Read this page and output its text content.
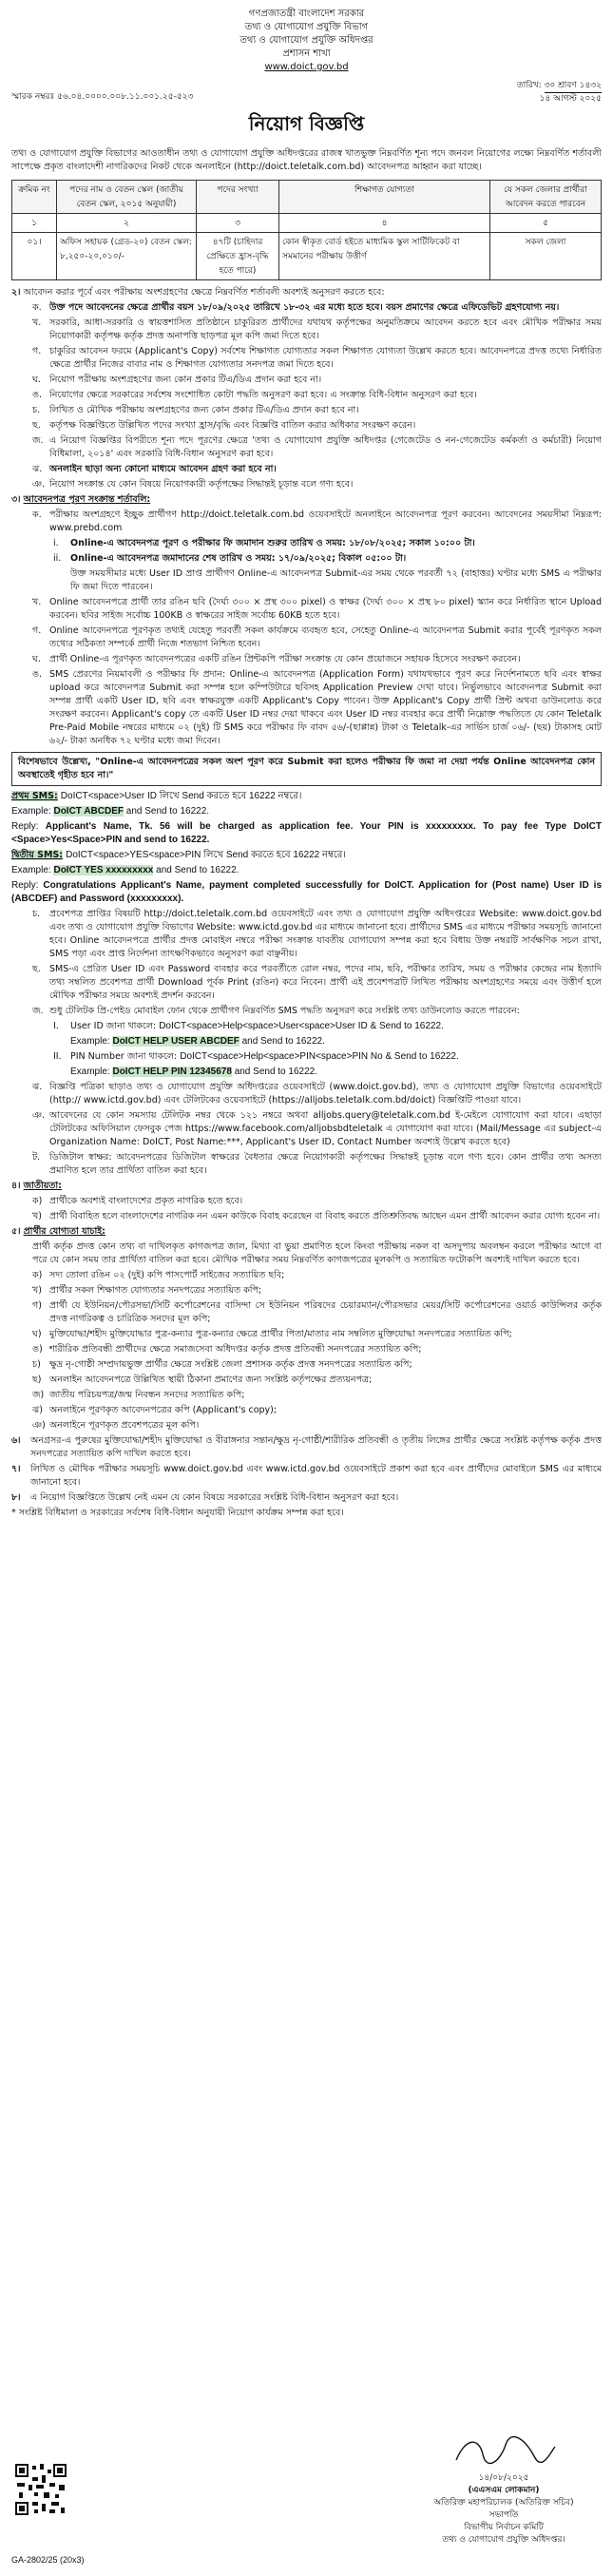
গণপ্রজাতন্ত্রী বাংলাদেশ সরকার
তথ্য ও যোগাযোগ প্রযুক্তি বিভাগ
তথ্য ও যোগাযোগ প্রযুক্তি অধিদপ্তর
প্রশাসন শাখা
www.doict.gov.bd
স্মারক নম্বরঃ ৫৬.০৪.০০০০.০০৮.১১.০০১.২৫-৫২৩
তারিখ: ৩০ শ্রাবণ ১৪৩২
১৪ আগস্ট ২০২৫
নিয়োগ বিজ্ঞপ্তি
তথ্য ও যোগাযোগ প্রযুক্তি বিভাগের আওতাধীন তথ্য ও যোগাযোগ প্রযুক্তি অধিদপ্তরের রাজস্ব খাতভুক্ত নিম্নবর্ণিত শূন্য পদে জনবল নিয়োগের লক্ষ্যে নিম্নবর্ণিত শর্তাবলী সাপেক্ষে প্রকৃত বাংলাদেশী নাগরিকদের নিকট থেকে অনলাইনে (http://doict.teletalk.com.bd) আবেদনপত্র আহ্বান করা যাচ্ছে।
ক্রমিক নং	পদের নাম ও বেতন স্কেল (জাতীয় বেতন স্কেল, ২০১৫ অনুযায়ী)	পদের সংখ্যা	শিক্ষাগত যোগ্যতা	যে সকল জেলার প্রার্থীরা আবেদন করতে পারবেন
১	২	৩	৪	৫
০১।	অফিস সহায়ক (গ্রেড-২০) বেতন স্কেল: ৮,২৫০-২০,০১০/-	৪৭টি (চাহিদার প্রেক্ষিতে হ্রাস-বৃদ্ধি হতে পারে)	কোন স্বীকৃত বোর্ড হইতে মাধ্যমিক স্কুল সার্টিফিকেট বা সমমানের পরীক্ষায় উত্তীর্ণ	সকল জেলা

২। আবেদন করার পূর্বে এবং পরীক্ষায় অংশগ্রহণের ক্ষেত্রে নিম্নবর্ণিত শর্তাবলী অবশ্যই অনুসরণ করতে হবে:

ক. উক্ত পদে আবেদনের ক্ষেত্রে প্রার্থীর বয়স ১৮/০৯/২০২৫ তারিখে ১৮-৩২ এর মধ্যে হতে হবে। বয়স প্রমাণের ক্ষেত্রে এফিডেভিট গ্রহণযোগ্য নয়।
খ. সরকারি, আধা-সরকারি ও স্বায়ত্তশাসিত প্রতিষ্ঠানে চাকুরিরত প্রার্থীদের যথাযথ কর্তৃপক্ষের অনুমতিক্রমে আবেদন করতে হবে এবং মৌখিক পরীক্ষার সময় নিয়োগকারী কর্তৃপক্ষ কর্তৃক প্রদত্ত অনাপত্তি ছাড়পত্র মূল কপি জমা দিতে হবে।
গ. চাকুরির আবেদন ফরমে (Applicant's Copy) সর্বশেষ শিক্ষাগত যোগ্যতার সকল শিক্ষাগত যোগ্যতা উল্লেখ করতে হবে। আবেদনপত্রে প্রদত্ত তথ্যে নির্ধারিত ক্ষেত্রে প্রার্থীর নিজের বাবার নাম ও শিক্ষাগত যোগ্যতার সনদপত্র জমা দিতে হবে।
ঘ. নিয়োগ পরীক্ষায় অংশগ্রহণের জন্য কোন প্রকার টিএ/ডিএ প্রদান করা হবে না।
ঙ. নিয়োগের ক্ষেত্রে সরকারের সর্বশেষ সংশোধিত কোটা পদ্ধতি অনুসরণ করা হবে। এ সংক্রান্ত বিধি-বিধান অনুসরণ করা হবে।
চ.	লিখিত ও মৌখিক পরীক্ষায় অংশগ্রহণের জন্য কোন প্রকার টিএ/ডিএ প্রদান করা হবে না।
ছ. কর্তৃপক্ষ বিজ্ঞপ্তিতে উল্লিখিত পদের সংখ্যা হ্রাস/বৃদ্ধি এবং বিজ্ঞপ্তি বাতিল করার অধিকার সংরক্ষণ করেন।
জ. এ নিয়োগ বিজ্ঞপ্তির বিপরীতে শূন্য পদে পূরণের ক্ষেত্রে 'তথ্য ও যোগাযোগ প্রযুক্তি অধিদপ্তর (গেজেটেড ও নন-গেজেটেড কর্মকর্তা ও কর্মচারী) নিয়োগ বিধিমালা, ২০১৪' এবং সরকারি বিধি-বিধান অনুসরণ করা হবে।
ঝ. অনলাইন ছাড়া অন্য কোনো মাধ্যমে আবেদন গ্রহণ করা হবে না।
ঞ. নিয়োগ সংক্রান্ত যে কোন বিষয়ে নিয়োগকারী কর্তৃপক্ষের সিদ্ধান্তই চূড়ান্ত বলে গণ্য হবে।

৩। আবেদনপত্র পূরণ সংক্রান্ত শর্তাবলি:

ক. পরীক্ষায় অংশগ্রহণে ইচ্ছুক প্রার্থীগণ http://doict.teletalk.com.bd ওয়েবসাইটে অনলাইনে আবেদনপত্র পূরণ করবেন। আবেদনের সময়সীমা নিম্নরূপ: www.prebd.com
i.	Online-এ আবেদনপত্র পূরণ ও পরীক্ষার ফি জমাদান শুরুর তারিখ ও সময়: ১৮/০৮/২০২৫; সকাল ১০:০০ টা।
ii.	Online-এ আবেদনপত্র জমাদানের শেষ তারিখ ও সময়: ১৭/০৯/২০২৫; বিকাল ০৫:০০ টা।
উক্ত সময়সীমার মধ্যে User ID প্রাপ্ত প্রার্থীগণ Online-এ আবেদনপত্র Submit-এর সময় থেকে পরবর্তী ৭২ (বাহাত্তর) ঘণ্টার মধ্যে SMS এ পরীক্ষার ফি জমা দিতে পারবেন।
খ. Online আবেদনপত্রে প্রার্থী তার রঙিন ছবি (দৈর্ঘ্য ৩০০ × প্রস্থ ৩০০ pixel) ও স্বাক্ষর (দৈর্ঘ্য ৩০০ × প্রস্থ ৮০ pixel) স্ক্যান করে নির্ধারিত স্থানে Upload করবেন। ছবির সাইজ সর্বোচ্চ 100KB ও স্বাক্ষরের সাইজ সর্বোচ্চ 60KB হতে হবে।
গ. Online আবেদনপত্রে পূরণকৃত তথ্যই যেহেতু পরবর্তী সকল কার্যক্রমে ব্যবহৃত হবে, সেহেতু Online-এ আবেদনপত্র Submit করার পূর্বেই পূরণকৃত সকল তথ্যের সঠিকতা সম্পর্কে প্রার্থী নিজে শতভাগ নিশ্চিত হবেন।
ঘ. প্রার্থী Online-এ পূরণকৃত আবেদনপত্রের একটি রঙিন প্রিন্টকপি পরীক্ষা সংক্রান্ত যে কোন প্রয়োজনে সহায়ক হিসেবে সংরক্ষণ করবেন।
ঙ. SMS প্রেরণের নিয়মাবলী ও পরীক্ষার ফি প্রদান: Online-এ আবেদনপত্র (Application Form) যথাযথভাবে পূরণ করে নির্দেশনামতে ছবি এবং স্বাক্ষর upload করে আবেদনপত্র Submit করা সম্পন্ন হলে কম্পিউটারে ছবিসহ Application Preview দেখা যাবে। নির্ভুলভাবে আবেদনপত্র Submit করা সম্পন্ন প্রার্থী একটি User ID, ছবি এবং স্বাক্ষরযুক্ত একটি Applicant's Copy পাবেন। উক্ত Applicant's Copy প্রার্থী প্রিন্ট অথবা ডাউনলোড করে সংরক্ষণ করবেন। Applicant's copy তে একটি User ID নম্বর দেয়া থাকবে এবং User ID নম্বর ব্যবহার করে প্রার্থী নিম্নোক্ত পদ্ধতিতে যে কোন Teletalk Pre-Paid Mobile নম্বরের মাধ্যমে ০২ (দুই) টি SMS করে পরীক্ষার ফি বাবদ ৫৬/-(ছাপ্পান্ন) টাকা ও Teletalk-এর সার্ভিস চার্জ ০৬/- (ছয়) টাকাসহ মোট ৬২/- টাকা অনধিক ৭২ ঘণ্টার মধ্যে জমা দিবেন।
বিশেষভাবে উল্লেখ্য, "Online-এ আবেদনপত্রের সকল অংশ পূরণ করে Submit করা হলেও পরীক্ষার ফি জমা না দেয়া পর্যন্ত Online আবেদনপত্র কোন অবস্থাতেই গৃহীত হবে না।"

প্রথম SMS: DoICT<space>User ID লিখে Send করতে হবে 16222 নম্বরে।

Example: DoICT ABCDEF and Send to 16222.

Reply: Applicant's Name, Tk. 56 will be charged as application fee. Your PIN is xxxxxxxxx. To pay fee Type DoICT <Space>Yes<Space>PIN and send to 16222.

দ্বিতীয় SMS: DoICT<space>YES<space>PIN লিখে Send করতে হবে 16222 নম্বরে।

Example: DoICT YES xxxxxxxxx and Send to 16222.

Reply: Congratulations Applicant's Name, payment completed successfully for DoICT. Application for (Post name) User ID is (ABCDEF) and Password (xxxxxxxxx).

চ.	প্রবেশপত্র প্রাপ্তির বিষয়টি http://doict.teletalk.com.bd ওয়েবসাইটে এবং তথ্য ও যোগাযোগ প্রযুক্তি অধিদপ্তরের Website: www.doict.gov.bd এবং তথ্য ও যোগাযোগ প্রযুক্তি বিভাগের Website: www.ictd.gov.bd এর মাধ্যমে জানানো হবে। প্রার্থীদের SMS এর মাধ্যমে পরীক্ষার সময়সূচি জানানো হবে। Online আবেদনপত্রে প্রার্থীর প্রদত্ত মোবাইল নম্বরে পরীক্ষা সংক্রান্ত যাবতীয় যোগাযোগ সম্পন্ন করা হবে বিধায় উক্ত নম্বরটি সার্বক্ষণিক সচল রাখা, SMS পড়া এবং প্রাপ্ত নির্দেশনা তাৎক্ষণিকভাবে অনুসরণ করা বাঞ্ছনীয়।
ছ. SMS-এ প্রেরিত User ID এবং Password ব্যবহার করে পরবর্তীতে রোল নম্বর, পদের নাম, ছবি, পরীক্ষার তারিখ, সময় ও পরীক্ষার কেন্দ্রের নাম ইত্যাদি তথ্য সম্বলিত প্রবেশপত্র প্রার্থী Download পূর্বক Print (রঙিন) করে নিবেন। প্রার্থী এই প্রবেশপত্রটি লিখিত পরীক্ষায় অংশগ্রহণের সময়ে এবং উত্তীর্ণ হলে মৌখিক পরীক্ষার সময়ে অবশ্যই প্রদর্শন করবেন।
জ. শুধু টেলিটক প্রি-পেইড মোবাইল ফোন থেকে প্রার্থীগণ নিম্নবর্ণিত SMS পদ্ধতি অনুসরণ করে সংশ্লিষ্ট তথ্য ডাউনলোড করতে পারবেন:
I.	User ID জানা থাকলে: DoICT<space>Help<space>User<space>User ID & Send to 16222.

Example: DoICT HELP USER ABCDEF and Send to 16222.

II. PIN Number জানা থাকলে: DoICT<space>Help<space>PIN<space>PIN No & Send to 16222.

Example: DoICT HELP PIN 12345678 and Send to 16222.

ঝ. বিজ্ঞপ্তি পত্রিকা ছাড়াও তথ্য ও যোগাযোগ প্রযুক্তি অধিদপ্তরের ওয়েবসাইটে (www.doict.gov.bd), তথ্য ও যোগাযোগ প্রযুক্তি বিভাগের ওয়েবসাইটে (http:// www.ictd.gov.bd) এবং টেলিটকের ওয়েবসাইটে (https://alljobs.teletalk.com.bd/doict) বিজ্ঞপ্তিটি পাওয়া যাবে।
ঞ. আবেদনের যে কোন সমস্যায় টেলিটক নম্বর থেকে ১২১ নম্বরে অথবা alljobs.query@teletalk.com.bd ই-মেইলে যোগাযোগ করা যাবে। এছাড়া টেলিটকের অফিসিয়াল ফেসবুক পেজ https://www.facebook.com/alljobsbdteletalk এ যোগাযোগ করা যাবে। (Mail/Message এর subject-এ Organization Name: DoICT, Post Name:***, Applicant's User ID, Contact Number অবশ্যই উল্লেখ করতে হবে)
ট.	ডিজিটাল স্বাক্ষর: আবেদনপত্রের ডিজিটাল স্বাক্ষরের বৈধতার ক্ষেত্রে নিয়োগকারী কর্তৃপক্ষের সিদ্ধান্তই চূড়ান্ত বলে গণ্য হবে। কোন প্রার্থীর তথ্য অসত্য প্রমাণিত হলে তার প্রার্থিতা বাতিল করা হবে।

৪। জাতীয়তা:

ক) প্রার্থীকে অবশ্যই বাংলাদেশের প্রকৃত নাগরিক হতে হবে।
খ) প্রার্থী বিবাহিত হলে বাংলাদেশের নাগরিক নন এমন কাউকে বিবাহ করেছেন বা বিবাহ করতে প্রতিশ্রুতিবদ্ধ আছেন এমন প্রার্থী আবেদন করার যোগ্য হবেন না।

৫। প্রার্থীর যোগ্যতা যাচাই:

প্রার্থী কর্তৃক প্রদত্ত কোন তথ্য বা দাখিলকৃত কাগজপত্র জাল, মিথ্যা বা ভুয়া প্রমাণিত হলে কিংবা পরীক্ষায় নকল বা অসদুপায় অবলম্বন করলে পরীক্ষার আগে বা পরে যে কোন সময় তার প্রার্থিতা বাতিল করা হবে। মৌখিক পরীক্ষার সময় নিম্নবর্ণিত কাগজপত্রের মূলকপি ও সত্যায়িত ফটোকপি অবশ্যই দাখিল করতে হবে।
ক) সদ্য তোলা রঙিন ০২ (দুই) কপি পাসপোর্ট সাইজের সত্যায়িত ছবি;
খ) প্রার্থীর সকল শিক্ষাগত যোগ্যতার সনদপত্রের সত্যায়িত কপি;
গ) প্রার্থী যে ইউনিয়ন/পৌরসভা/সিটি কর্পোরেশনের বাসিন্দা সে ইউনিয়ন পরিষদের চেয়ারম্যান/পৌরসভার মেয়র/সিটি কর্পোরেশনের ওয়ার্ড কাউন্সিলর কর্তৃক প্রদত্ত নাগরিকত্ব ও চারিত্রিক সনদের মূল কপি;
ঘ) মুক্তিযোদ্ধা/শহীদ মুক্তিযোদ্ধার পুত্র-কন্যার পুত্র-কন্যার ক্ষেত্রে প্রার্থীর পিতা/মাতার নাম সম্বলিত মুক্তিযোদ্ধা সনদপত্রের সত্যায়িত কপি;
ঙ) শারীরিক প্রতিবন্ধী প্রার্থীদের ক্ষেত্রে সমাজসেবা অধিদপ্তর কর্তৃক প্রদত্ত প্রতিবন্ধী সনদপত্রের সত্যায়িত কপি;
চ) ক্ষুদ্র নৃ-গোষ্ঠী সম্প্রদায়ভুক্ত প্রার্থীর ক্ষেত্রে সংশ্লিষ্ট জেলা প্রশাসক কর্তৃক প্রদত্ত সনদপত্রের সত্যায়িত কপি;
ছ) অনলাইন আবেদনপত্রে উল্লিখিত স্থায়ী ঠিকানা প্রমাণের জন্য সংশ্লিষ্ট কর্তৃপক্ষের প্রত্যয়নপত্র;
জ) জাতীয় পরিচয়পত্র/জন্ম নিবন্ধন সনদের সত্যায়িত কপি;
ঝ) অনলাইনে পূরণকৃত আবেদনপত্রের কপি (Applicant's copy);
ঞ) অনলাইনে পূরণকৃত প্রবেশপত্রের মূল কপি।
৬।	অনগ্রসর-এ পুরুষের মুক্তিযোদ্ধা/শহীদ মুক্তিযোদ্ধা ও বীরাঙ্গনার সন্তান/ক্ষুদ্র নৃ-গোষ্ঠী/শারীরিক প্রতিবন্ধী ও তৃতীয় লিঙ্গের প্রার্থীর ক্ষেত্রে সংশ্লিষ্ট কর্তৃপক্ষ কর্তৃক প্রদত্ত সনদপত্রের সত্যায়িত কপি দাখিল করতে হবে।
৭।	লিখিত ও মৌখিক পরীক্ষার সময়সূচি www.doict.gov.bd এবং www.ictd.gov.bd ওয়েবসাইটে প্রকাশ করা হবে এবং প্রার্থীদের মোবাইলে SMS এর মাধ্যমে জানানো হবে।
৮।	এ নিয়োগ বিজ্ঞপ্তিতে উল্লেখ নেই এমন যে কোন বিষয়ে সরকারের সংশ্লিষ্ট বিধি-বিধান অনুসরণ করা হবে।

* সংশ্লিষ্ট বিধিমালা ও সরকারের সর্বশেষ বিধি-বিধান অনুযায়ী নিয়োগ কার্যক্রম সম্পন্ন করা হবে।

১৪/০৮/২০২৫
(এএসএম লোকমান)
অতিরিক্ত মহাপরিচালক (অতিরিক্ত সচিব)
সভাপতি
বিভাগীয় নির্বাচন কমিটি
তথ্য ও যোগাযোগ প্রযুক্তি অধিদপ্তর।
GA-2802/25 (20x3)
